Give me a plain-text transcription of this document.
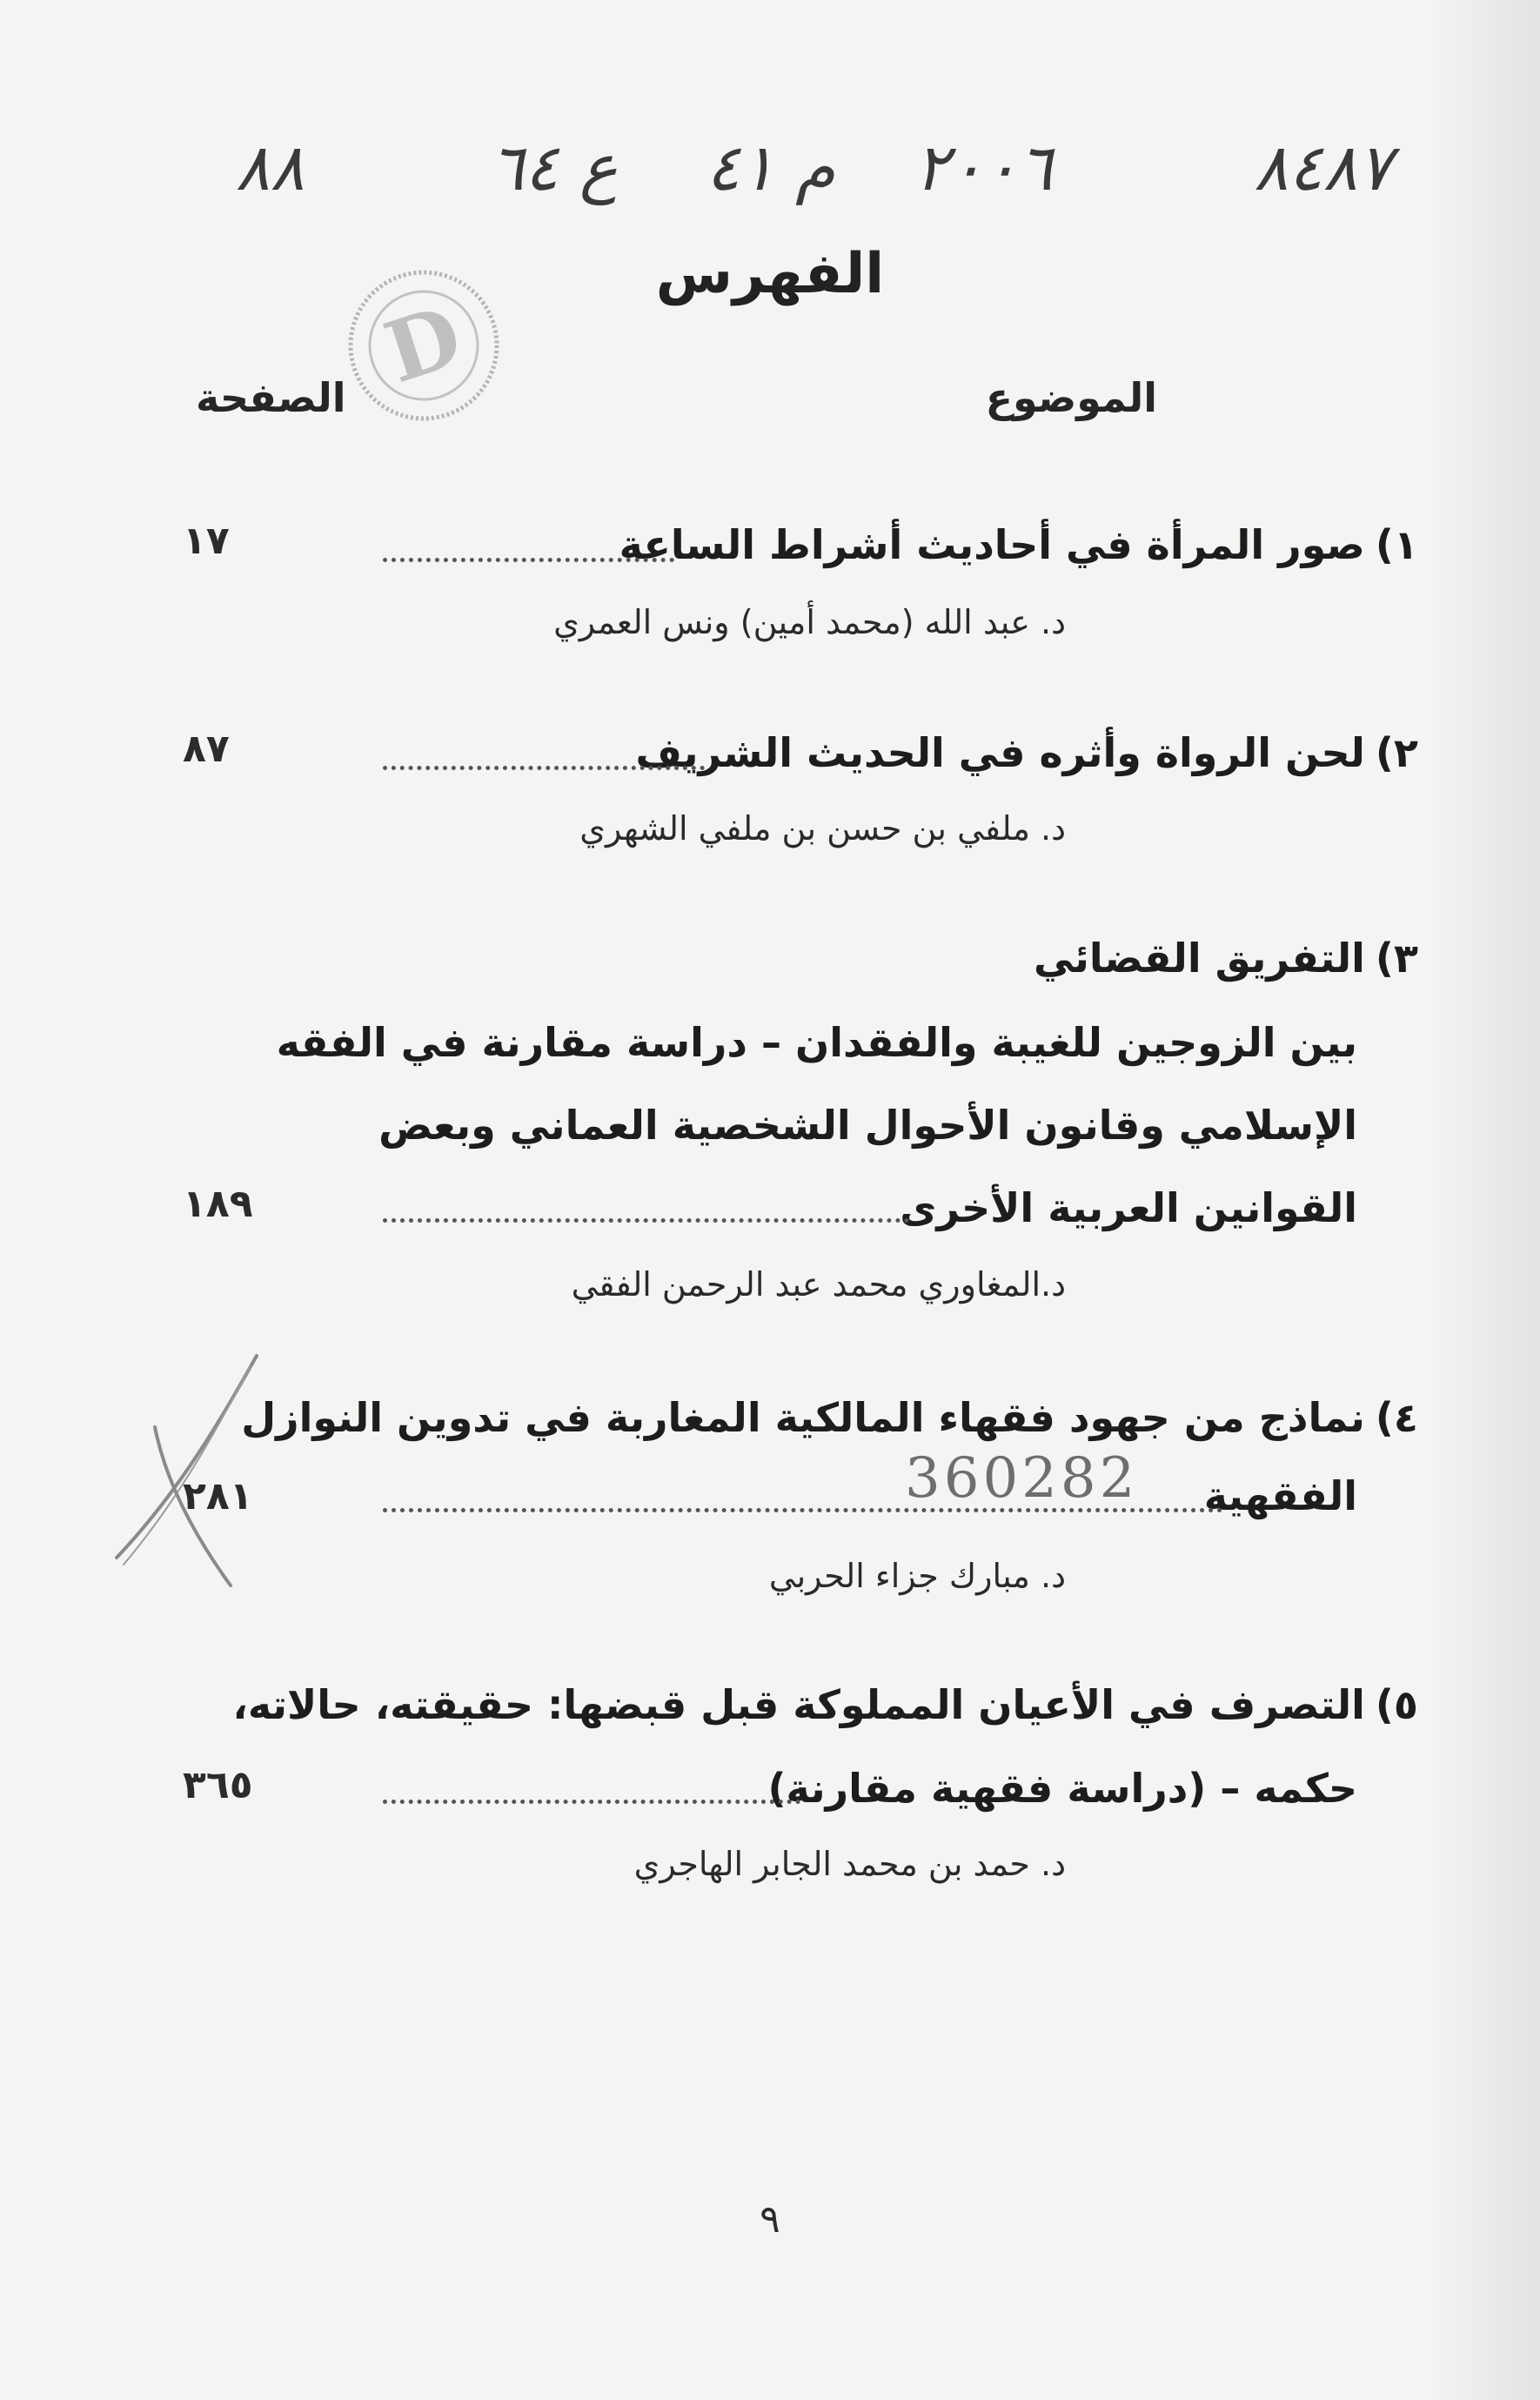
٨٤٨٧
٢٠٠٦
م ٤١
ع ٦٤
٨٨
D
الفهرس
الموضوع
الصفحة
١)
صور المرأة في أحاديث أشراط الساعة
١٧
د. عبد الله (محمد أمين) ونس العمري
٢)
لحن الرواة وأثره في الحديث الشريف
٨٧
د. ملفي بن حسن بن ملفي الشهري
٣)
التفريق القضائي
بين الزوجين للغيبة والفقدان – دراسة مقارنة في الفقه
الإسلامي وقانون الأحوال الشخصية العماني وبعض
القوانين العربية الأخرى
١٨٩
د.المغاوري محمد عبد الرحمن الفقي
٤)
نماذج من جهود فقهاء المالكية المغاربة في تدوين النوازل
الفقهية
360282
٢٨١
د. مبارك جزاء الحربي
٥)
التصرف في الأعيان المملوكة قبل قبضها: حقيقته، حالاته،
حكمه – (دراسة فقهية مقارنة)
٣٦٥
د. حمد بن محمد الجابر الهاجري
٩
